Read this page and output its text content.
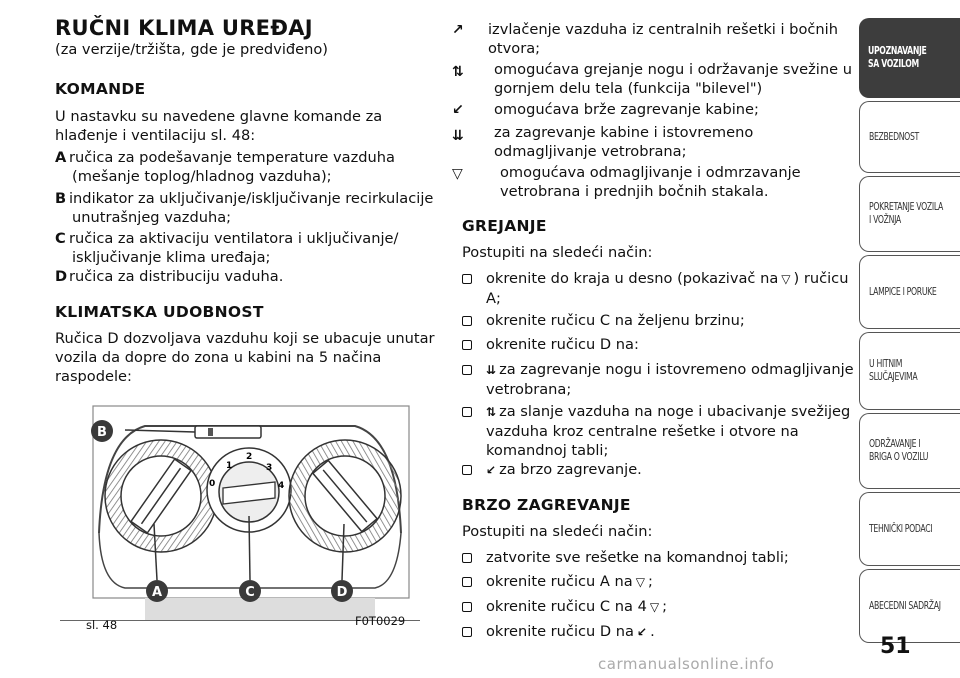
RUČNI KLIMA UREĐAJ
(za verzije/tržišta, gde je predviđeno)
KOMANDE
U nastavku su navedene glavne komande za hlađenje i ventilaciju sl. 48:
A ručica za podešavanje temperature vazduha
(mešanje toplog/hladnog vazduha);
B indikator za uključivanje/isključivanje recirkulacije
unutrašnjeg vazduha;
C ručica za aktivaciju ventilatora i uključivanje/
isključivanje klima uređaja;
D ručica za distribuciju vaduha.
KLIMATSKA UDOBNOST
Ručica D dozvoljava vazduhu koji se ubacuje unutar vozila da dopre do zona u kabini na 5 načina raspodele:
0
1
2
3
4
B
A	C	D
sl. 48	F0T0029
↗ izvlačenje vazduha iz centralnih rešetki i bočnih otvora;
⇅ omogućava grejanje nogu i održavanje svežine u gornjem delu tela (funkcija "bilevel")
↙ omogućava brže zagrevanje kabine;
⇊ za zagrevanje kabine i istovremeno odmagljivanje vetrobrana;
▽	omogućava odmagljivanje i odmrzavanje vetrobrana i prednjih bočnih stakala.
GREJANJE
Postupiti na sledeći način:
okrenite do kraja u desno (pokazivač na ▽ ) ručicu A;
okrenite ručicu C na željenu brzinu;
okrenite ručicu D na:
⇊ za zagrevanje nogu i istovremeno odmagljivanje vetrobrana;
⇅ za slanje vazduha na noge i ubacivanje svežijeg vazduha kroz centralne rešetke i otvore na komandnoj tabli;
↙ za brzo zagrevanje.
BRZO ZAGREVANJE
Postupiti na sledeći način:
zatvorite sve rešetke na komandnoj tabli;
okrenite ručicu A na ▽ ;
okrenite ručicu C na 4 ▽ ;
okrenite ručicu D na ↙ .
UPOZNAVANJE
SA VOZILOM
BEZBEDNOST
POKRETANJE VOZILA
I VOŽNJA
LAMPICE I PORUKE
U HITNIM
SLUČAJEVIMA
ODRŽAVANJE I
BRIGA O VOZILU
TEHNIČKI PODACI
ABECEDNI SADRŽAJ
51
carmanualsonline.info
